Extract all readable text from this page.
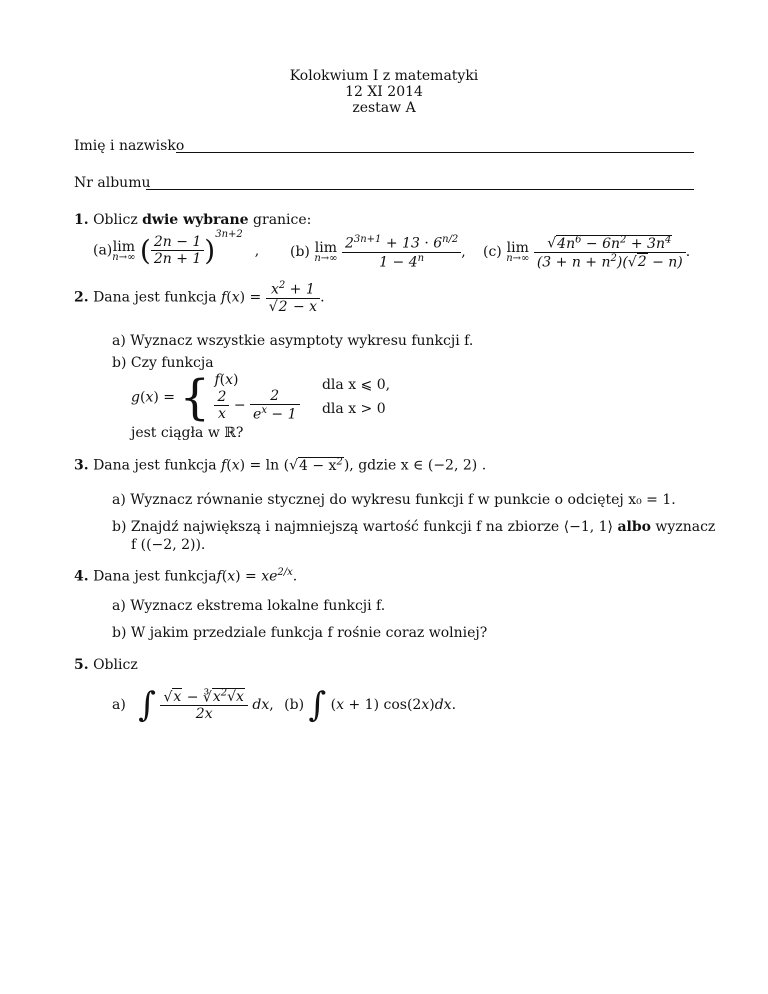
Kolokwium I z matematyki
12 XI 2014
zestaw A
Imię i nazwisko
Nr albumu
1. Oblicz dwie wybrane granice:
(a) lim
n→∞ ( $\frac{2n - 1}{2n + 1} )^{3n+2}$, (b) lim
n→∞
$\frac{2^{3n+1} + 13 \cdot 6^{n/2}}{1 - 4^n}$ , (c) lim
n→∞
$\frac{√4n^6 - 6n^2 + 3n^4}{(3 + n + n^2)(√2 - n)}$ .
2. Dana jest funkcja $f(x) = \frac{x^2 + 1}{√2 - x}$ .
a) Wyznacz wszystkie asymptoty wykresu funkcji f.
b) Czy funkcja
g(x) = { f(x)
$\frac{2}{x} - \frac{2}{e^x - 1}$

dla x ⩽ 0,
dla x > 0
jest ciągła w ℝ?
3. Dana jest funkcja $f(x) = \ln (√4 - x^2)$, gdzie x ∈ (−2, 2) .
a) Wyznacz równanie stycznej do wykresu funkcji f w punkcie o odciętej x₀ = 1.
b) Znajdź największą i najmniejszą wartość funkcji f na zbiorze ⟨−1, 1⟩ albo wyznacz
f ((−2, 2)).
4. Dana jest funkcjaf(x) = $xe^{2/x}$.
a) Wyznacz ekstrema lokalne funkcji f.
b) W jakim przedziale funkcja f rośnie coraz wolniej?
5. Oblicz
a) ∫ $\frac{√x - ∛x^2√x}{2x}$ dx, (b) ∫ (x + 1) cos(2x)dx.
